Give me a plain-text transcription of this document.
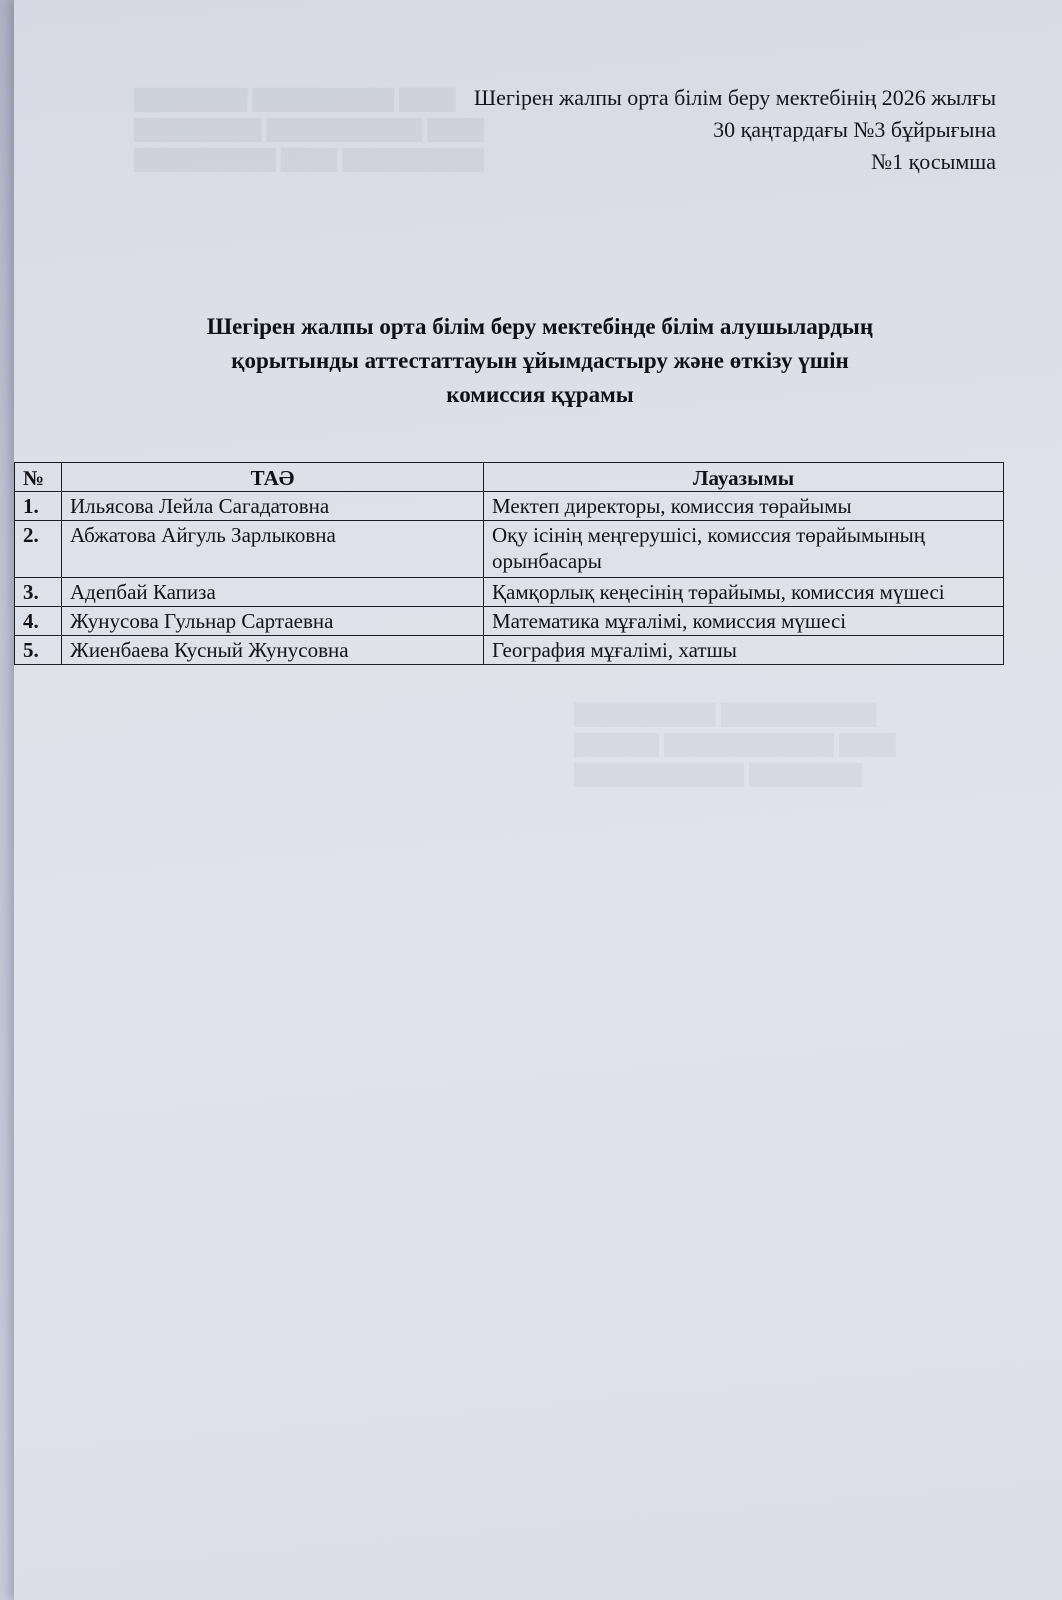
████████ ██████████ ████
█████████ ███████████ ████
██████████ ████ ██████████
██████████ ███████████
██████ ████████████ ████
████████████ ████████
Шегірен жалпы орта білім беру мектебінің 2026 жылғы
30 қаңтардағы №3 бұйрығына
№1 қосымша
Шегірен жалпы орта білім беру мектебінде білім алушылардың
қорытынды аттестаттауын ұйымдастыру және өткізу үшін
комиссия құрамы
№	ТАӘ	Лауазымы
1.	Ильясова Лейла Сагадатовна	Мектеп директоры, комиссия төрайымы
2.	Абжатова Айгуль Зарлыковна	Оқу ісінің меңгерушісі, комиссия төрайымының орынбасары
3.	Адепбай Капиза	Қамқорлық кеңесінің төрайымы, комиссия мүшесі
4.	Жунусова Гульнар Сартаевна	Математика мұғалімі, комиссия мүшесі
5.	Жиенбаева Кусный Жунусовна	География мұғалімі, хатшы
